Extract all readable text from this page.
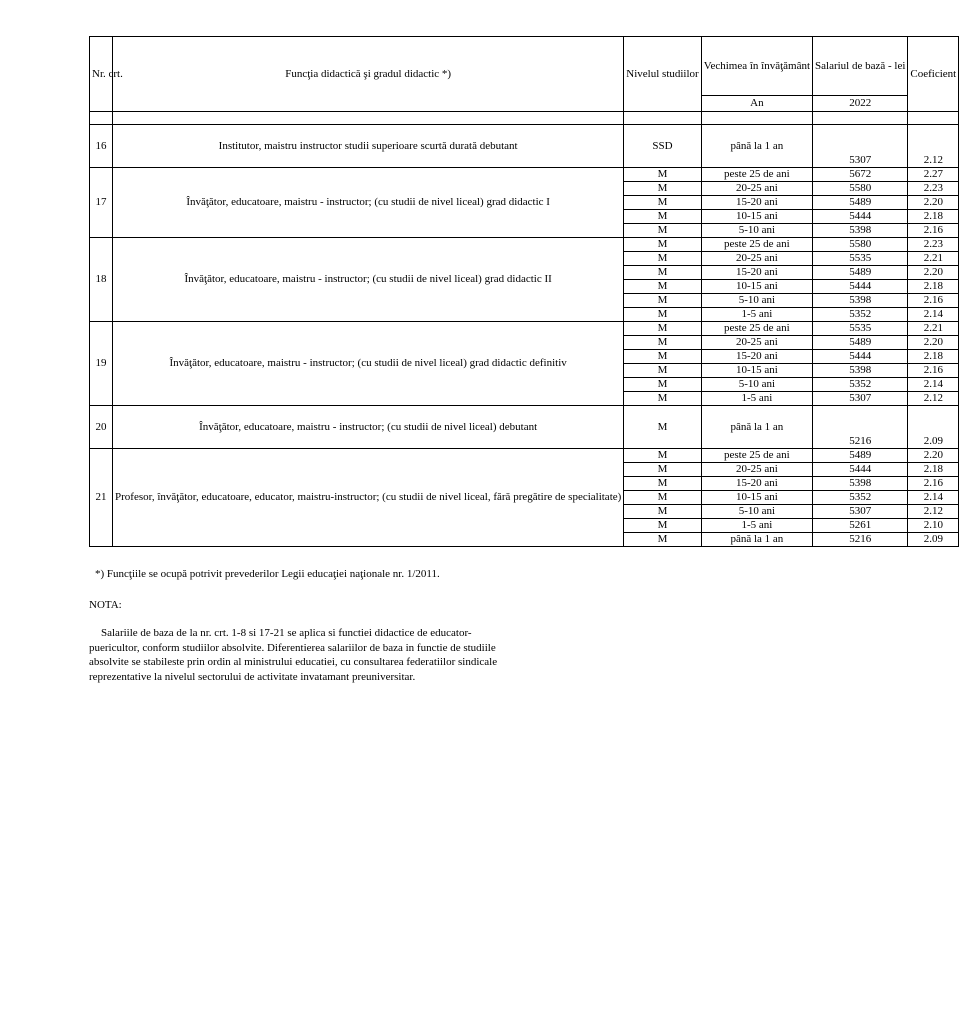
Nr. crt.	Funcţia didactică şi gradul didactic *)	Nivelul studiilor	Vechimea în învăţământ	Salariul de bază - lei	Coeficient
			An	2022	

16	Institutor, maistru instructor studii superioare scurtă durată debutant	SSD	până la 1 an	5307	2.12
17	Învăţător, educatoare, maistru - instructor; (cu studii de nivel liceal) grad didactic I	M	peste 25 de ani	5672	2.27
		M	20-25 ani	5580	2.23
		M	15-20 ani	5489	2.20
		M	10-15 ani	5444	2.18
		M	5-10 ani	5398	2.16
18	Învăţător, educatoare, maistru - instructor; (cu studii de nivel liceal) grad didactic II	M	peste 25 de ani	5580	2.23
		M	20-25 ani	5535	2.21
		M	15-20 ani	5489	2.20
		M	10-15 ani	5444	2.18
		M	5-10 ani	5398	2.16
		M	1-5 ani	5352	2.14
19	Învăţător, educatoare, maistru - instructor; (cu studii de nivel liceal) grad didactic definitiv	M	peste 25 de ani	5535	2.21
		M	20-25 ani	5489	2.20
		M	15-20 ani	5444	2.18
		M	10-15 ani	5398	2.16
		M	5-10 ani	5352	2.14
		M	1-5 ani	5307	2.12
20	Învăţător, educatoare, maistru - instructor; (cu studii de nivel liceal) debutant	M	până la 1 an	5216	2.09
21	Profesor, învăţător, educatoare, educator, maistru-instructor; (cu studii de nivel liceal, fără pregătire de specialitate)	M	peste 25 de ani	5489	2.20
		M	20-25 ani	5444	2.18
		M	15-20 ani	5398	2.16
		M	10-15 ani	5352	2.14
		M	5-10 ani	5307	2.12
		M	1-5 ani	5261	2.10
		M	până la 1 an	5216	2.09
*) Funcţiile se ocupă potrivit prevederilor Legii educaţiei naţionale nr. 1/2011.
NOTA:
Salariile de baza de la nr. crt. 1-8 si 17-21 se aplica si functiei didactice de educator-puericultor, conform studiilor absolvite. Diferentierea salariilor de baza in functie de studiile absolvite se stabileste prin ordin al ministrului educatiei, cu consultarea federatiilor sindicale reprezentative la nivelul sectorului de activitate invatamant preuniversitar.
